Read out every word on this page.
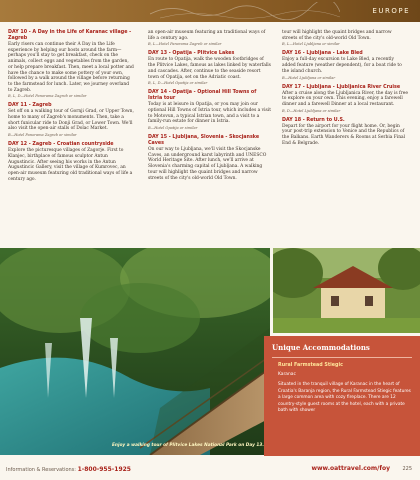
EUROPE
DAY 10 - A Day in the Life of Karanac village - Zagreb
Early risers can continue their A Day in the Life experience by helping our hosts around the farm—perhaps you'll stay to get breakfast, check on the animals, collect eggs and vegetables from the garden, or help prepare breakfast. Then, meet a local potter and have the chance to make some pottery of your own, followed by a walk around the village before returning to the farmstead for lunch. Later, we journey overland to Zagreb.
B, L, D—Hotel Panorama Zagreb or similar
DAY 11 - Zagreb
Set off on a walking tour of Gornji Grad, or Upper Town, home to many of Zagreb's monuments. Then, take a short funicular ride to Donji Grad, or Lower Town. We'll also visit the open-air stalls of Dolac Market.
B—Hotel Panorama Zagreb or similar
DAY 12 - Zagreb - Croatian countryside
Explore the picturesque villages of Zagorje. First to Klanjec, birthplace of famous sculptor Antun Augustincic. After seeing his works in the Antun Augustincic Gallery, visit the village of Kumrovec, an open-air museum featuring old traditional ways of life a century ago.
an open-air museum featuring an traditional ways of life a century ago.
B, L—Hotel Panorama Zagreb or similar
DAY 13 - Opatija - Plitvice Lakes
En route to Opatija, walk the wooden footbridges of the Plitvice Lakes, famous as lakes linked by waterfalls and cascades. After, continue to the seaside resort town of Opatija, set on the Adriatic coast.
B, L, D—Hotel Opatija or similar
DAY 14 - Opatija - Optional Hill Towns of Istria tour
Today is at leisure in Opatija, or you may join our optional Hill Towns of Istria tour, which includes a visit to Motovun, a typical Istrian town, and a visit to a family-run estate for dinner in Istria.
B—Hotel Opatija or similar
DAY 15 - Ljubljana, Slovenia - Skocjanske Caves
On our way to Ljubljana, we'll visit the Skocjanske Caves, an underground karst labyrinth and UNESCO World Heritage Site. After lunch, we'll arrive at Slovenia's charming capital of Ljubljana. A walking tour will highlight the quaint bridges and narrow streets of the city's old-world Old Town.
tour will highlight the quaint bridges and narrow streets of the city's old-world Old Town.
B, L—Hotel Ljubljana or similar
DAY 16 - Ljubljana - Lake Bled
Enjoy a full-day excursion to Lake Bled, a recently added feature (weather dependent), for a boat ride to the island church.
B—Hotel Ljubljana or similar
DAY 17 - Ljubljana - Ljubljanica River Cruise
After a cruise along the Ljubljanica River, the day is free to explore on your own. This evening, enjoy a farewell dinner and a farewell Dinner at a local restaurant.
B, D—Hotel Ljubljana or similar
DAY 18 - Return to U.S.
Depart for the airport for your flight home. Or, begin your post-trip extension to Venice and the Republics of the Balkans. Earth Wanderers & Rooms at Serbia Final End & Belgrade.
Enjoy a walking tour of Plitvice Lakes National Park on Day 13.
Unique Accommodations
Rural Farmstead Stiegic
Karanac
Situated in the tranquil village of Karanac in the heart of Croatia's Baranja region, the Rural Farmstead Stiegic features a large common area with cozy fireplace. There are 12 country-style guest rooms at the hotel, each with a private bath with shower
Information & Reservations: 1-800-955-1925	www.oattravel.com/foy 225
